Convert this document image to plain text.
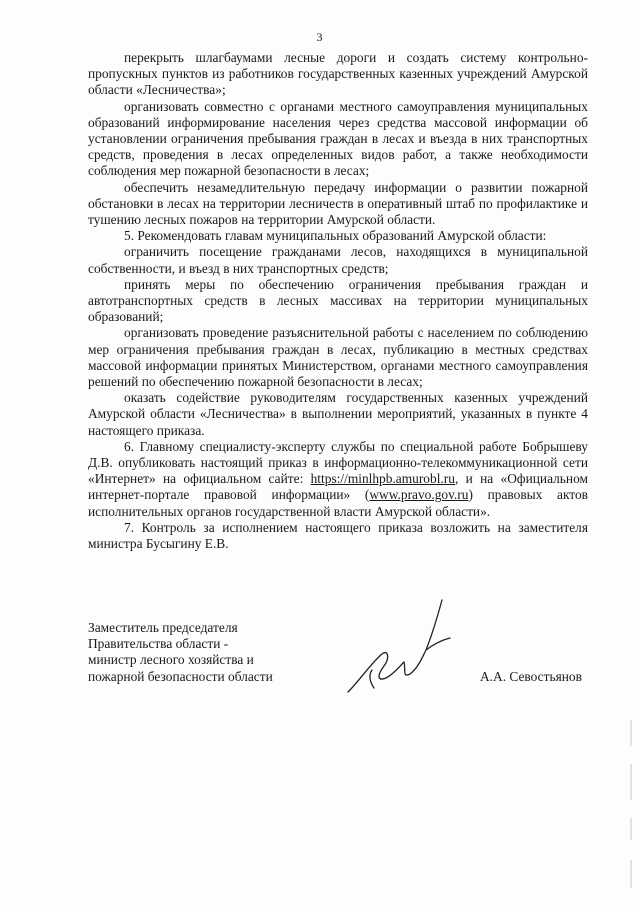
3

перекрыть шлагбаумами лесные дороги и создать систему контрольно-пропускных пунктов из работников государственных казенных учреждений Амурской области «Лесничества»;

организовать совместно с органами местного самоуправления муниципальных образований информирование населения через средства массовой информации об установлении ограничения пребывания граждан в лесах и въезда в них транспортных средств, проведения в лесах определенных видов работ, а также необходимости соблюдения мер пожарной безопасности в лесах;

обеспечить незамедлительную передачу информации о развитии пожарной обстановки в лесах на территории лесничеств в оперативный штаб по профилактике и тушению лесных пожаров на территории Амурской области.

5. Рекомендовать главам муниципальных образований Амурской области:

ограничить посещение гражданами лесов, находящихся в муниципальной собственности, и въезд в них транспортных средств;

принять меры по обеспечению ограничения пребывания граждан и автотранспортных средств в лесных массивах на территории муниципальных образований;

организовать проведение разъяснительной работы с населением по соблюдению мер ограничения пребывания граждан в лесах, публикацию в местных средствах массовой информации принятых Министерством, органами местного самоуправления решений по обеспечению пожарной безопасности в лесах;

оказать содействие руководителям государственных казенных учреждений Амурской области «Лесничества» в выполнении мероприятий, указанных в пункте 4 настоящего приказа.

6. Главному специалисту-эксперту службы по специальной работе Бобрышеву Д.В. опубликовать настоящий приказ в информационно-телекоммуникационной сети «Интернет» на официальном сайте: https://minlhpb.amurobl.ru, и на «Официальном интернет-портале правовой информации» (www.pravo.gov.ru) правовых актов исполнительных органов государственной власти Амурской области».

7. Контроль за исполнением настоящего приказа возложить на заместителя министра Бусыгину Е.В.

Заместитель председателя
Правительства области -
министр лесного хозяйства и
пожарной безопасности области	А.А. Севостьянов
